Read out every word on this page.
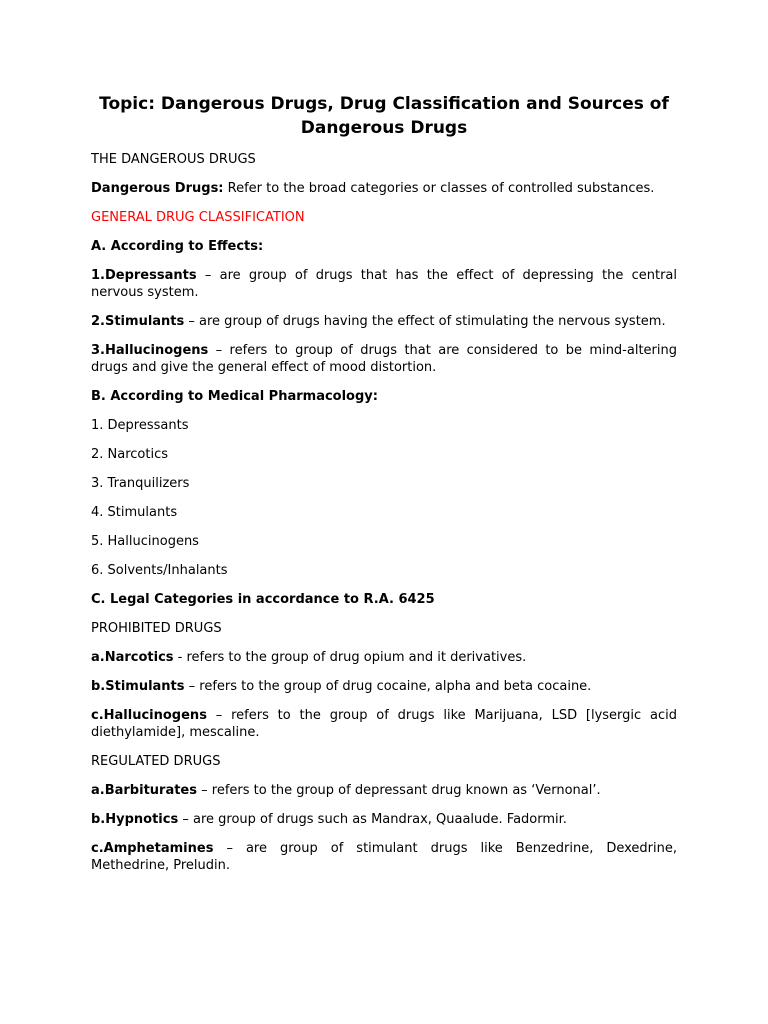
Topic: Dangerous Drugs, Drug Classification and Sources of
Dangerous Drugs
THE DANGEROUS DRUGS
Dangerous Drugs: Refer to the broad categories or classes of controlled substances.
GENERAL DRUG CLASSIFICATION
A. According to Effects:
1.Depressants – are group of drugs that has the effect of depressing the central nervous system.
2.Stimulants – are group of drugs having the effect of stimulating the nervous system.
3.Hallucinogens – refers to group of drugs that are considered to be mind-altering drugs and give the general effect of mood distortion.
B. According to Medical Pharmacology:
1. Depressants
2. Narcotics
3. Tranquilizers
4. Stimulants
5. Hallucinogens
6. Solvents/Inhalants
C. Legal Categories in accordance to R.A. 6425
PROHIBITED DRUGS
a.Narcotics - refers to the group of drug opium and it derivatives.
b.Stimulants – refers to the group of drug cocaine, alpha and beta cocaine.
c.Hallucinogens – refers to the group of drugs like Marijuana, LSD [lysergic acid diethylamide], mescaline.
REGULATED DRUGS
a.Barbiturates – refers to the group of depressant drug known as ‘Vernonal’.
b.Hypnotics – are group of drugs such as Mandrax, Quaalude. Fadormir.
c.Amphetamines – are group of stimulant drugs like Benzedrine, Dexedrine, Methedrine, Preludin.
